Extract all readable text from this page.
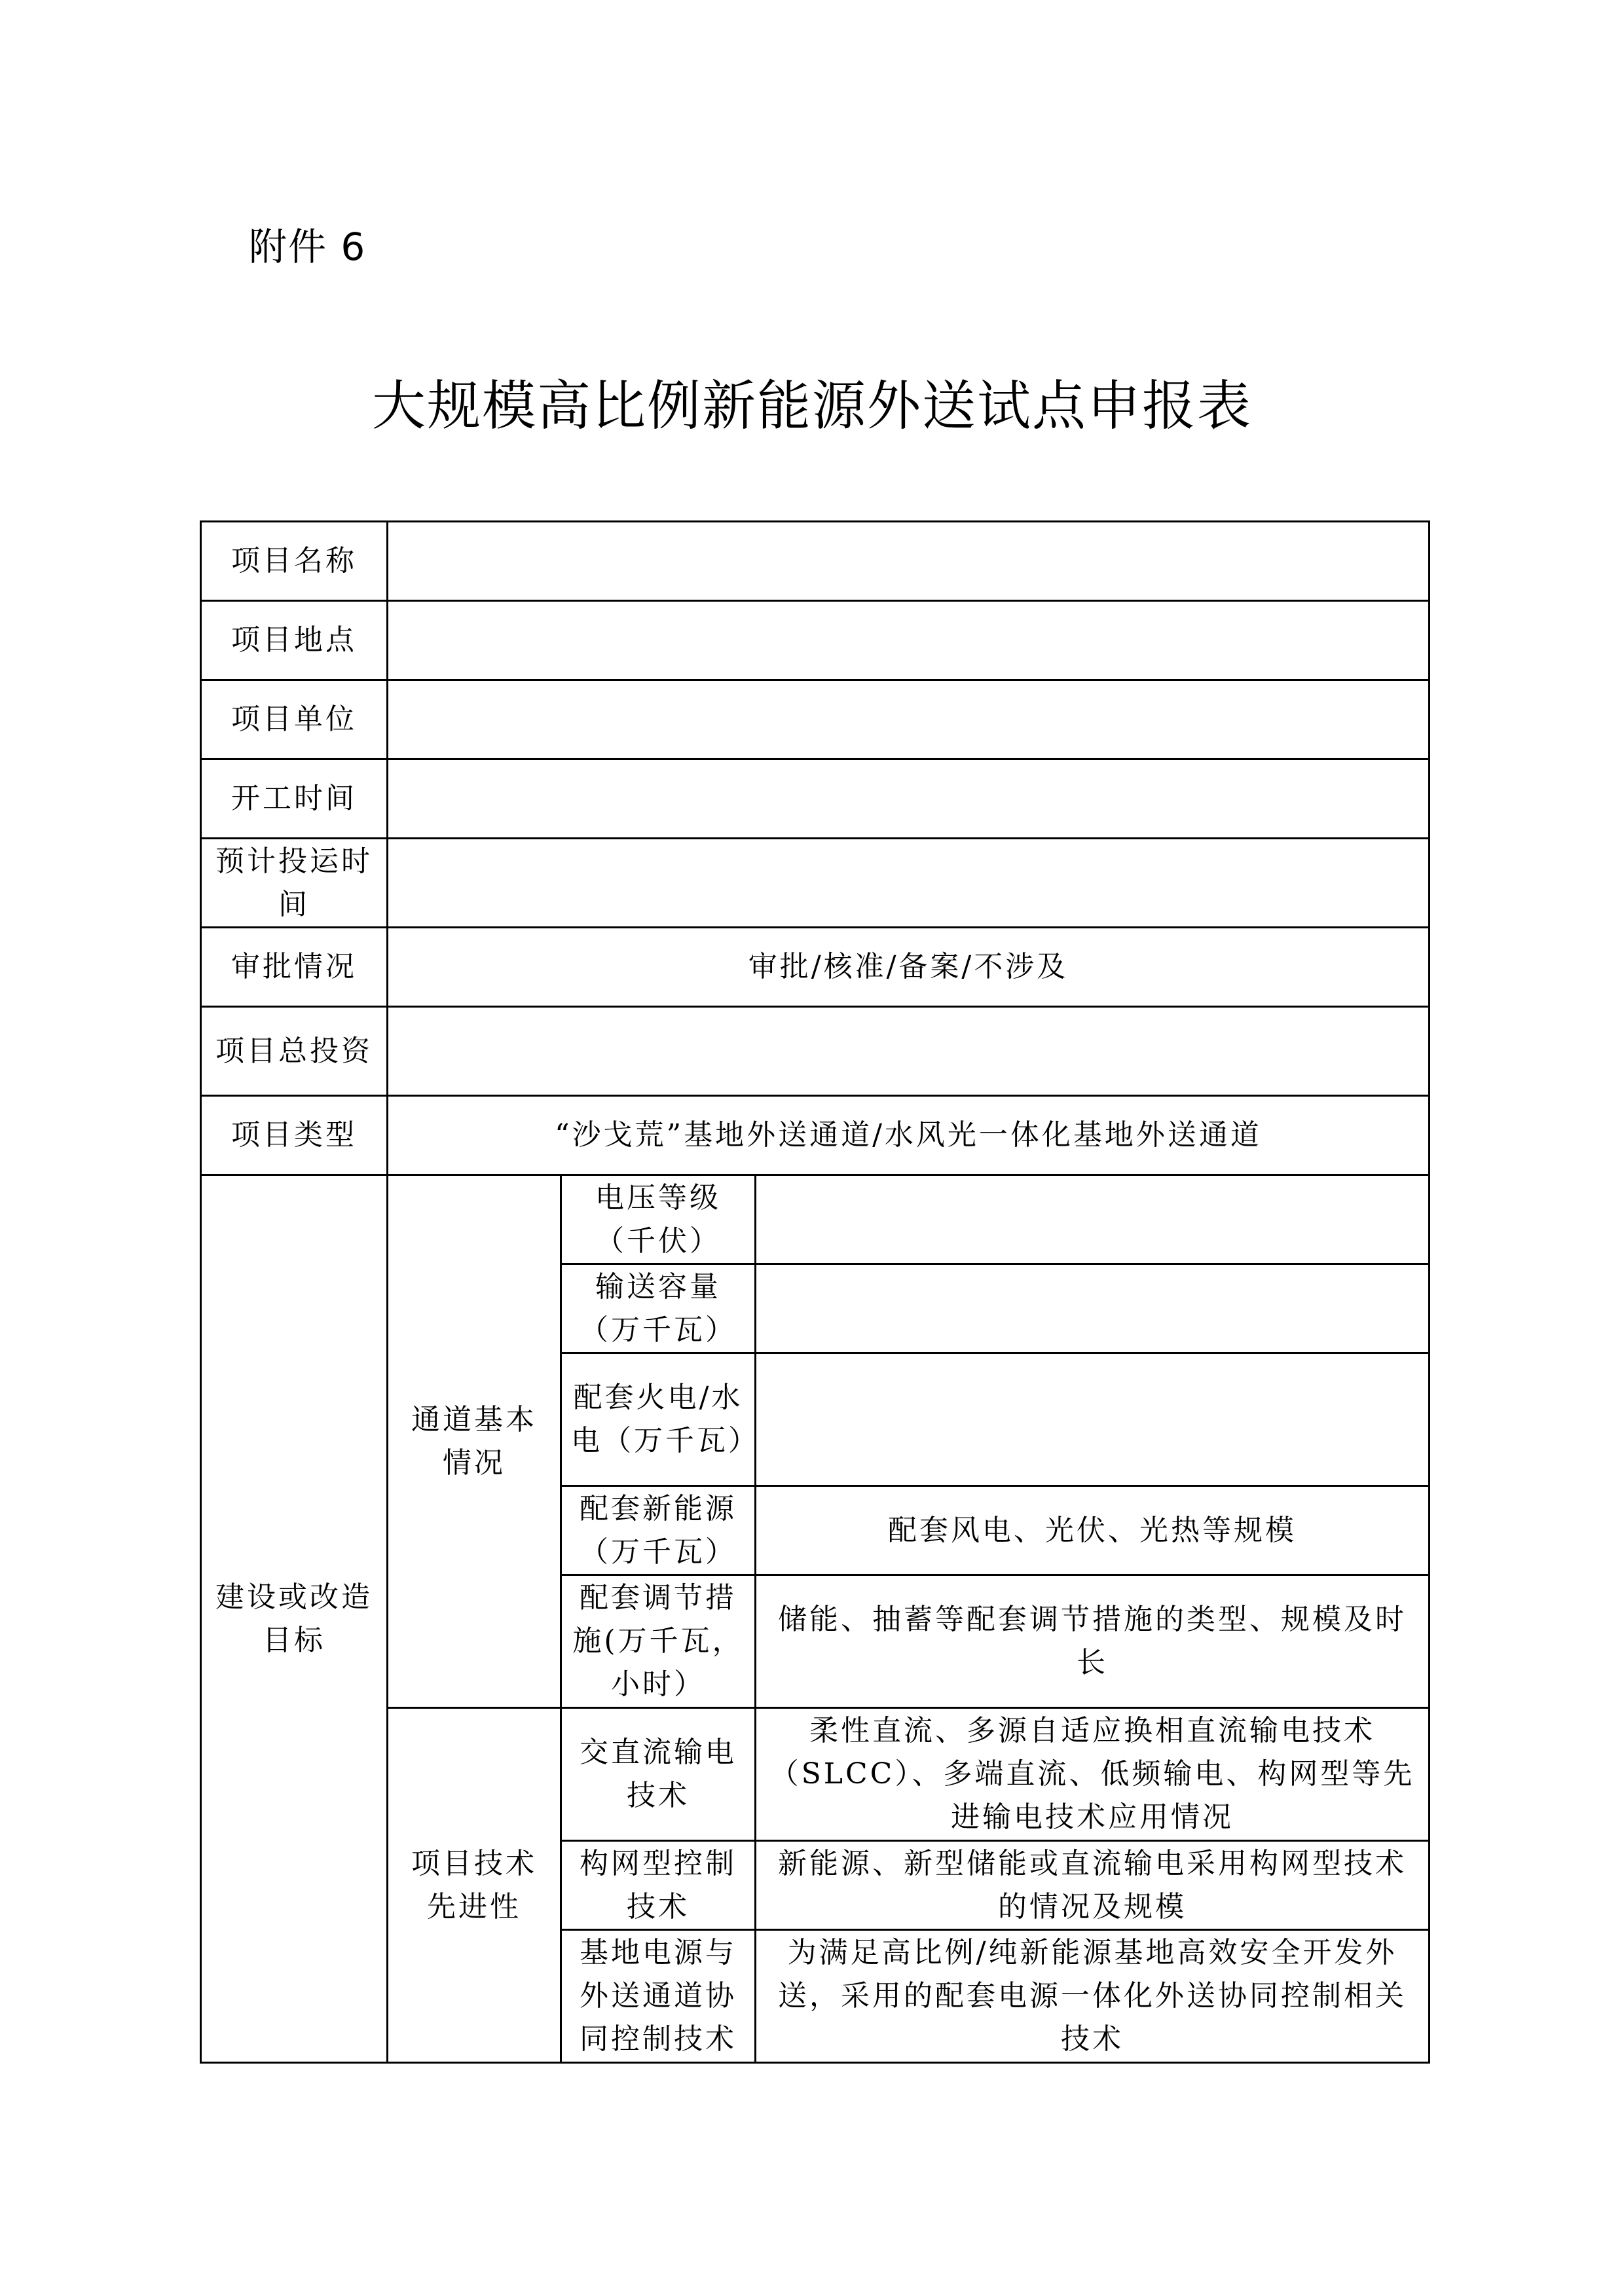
附件 6
大规模高比例新能源外送试点申报表
项目名称			
项目地点			
项目单位			
开工时间			
预计投运时间			
审批情况	审批/核准/备案/不涉及		
项目总投资			
项目类型	“沙戈荒”基地外送通道/水风光一体化基地外送通道		
建设或改造目标	通道基本情况	电压等级（千伏）	
		输送容量（万千瓦）	
		配套火电/水电（万千瓦）	
		配套新能源（万千瓦）	配套风电、光伏、光热等规模
		配套调节措施(万千瓦，小时）	储能、抽蓄等配套调节措施的类型、规模及时长
	项目技术先进性	交直流输电技术	柔性直流、多源自适应换相直流输电技术（SLCC）、多端直流、低频输电、构网型等先进输电技术应用情况
		构网型控制技术	新能源、新型储能或直流输电采用构网型技术的情况及规模
		基地电源与外送通道协同控制技术	为满足高比例/纯新能源基地高效安全开发外送，采用的配套电源一体化外送协同控制相关技术
